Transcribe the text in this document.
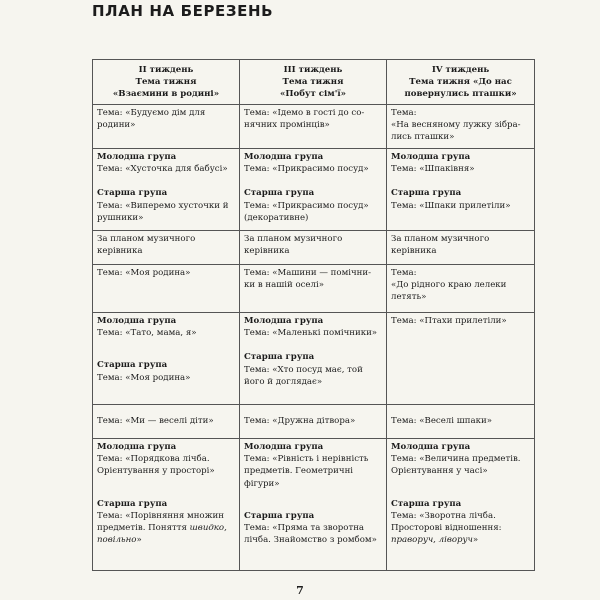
ПЛАН НА БЕРЕЗЕНЬ
ІІ тиждень
Тема тижня
«Взаємини в родині»	ІІІ тиждень
Тема тижня
«Побут сім'ї»	IV тиждень
Тема тижня «До нас
повернулись пташки»

Тема: «Будуємо дім для родини»	Тема: «Ідемо в гості до со-нячних промінців»	Тема:
«На весняному лужку зібра-лись пташки»

Молодша група
Тема: «Хусточка для бабусі»
Старша група
Тема: «Виперемо хусточки й рушники»	Молодша група
Тема: «Прикрасимо посуд»
Старша група
Тема: «Прикрасимо посуд» (декоративне)	Молодша група
Тема: «Шпаківня»
Старша група
Тема: «Шпаки прилетіли»

За планом музичного керівника	За планом музичного керівника	За планом музичного керівника
Тема: «Моя родина»	Тема: «Машини — помічни-ки в нашій оселі»	Тема:
«До рідного краю лелеки летять»

Молодша група
Тема: «Тато, мама, я»
Старша група
Тема: «Моя родина»	Молодша група
Тема: «Маленькі помічники»
Старша група
Тема: «Хто посуд має, той його й доглядає»	Тема: «Птахи прилетіли»
Тема: «Ми — веселі діти»	Тема: «Дружна дітвора»	Тема: «Веселі шпаки»

Молодша група
Тема: «Порядкова лічба. Орієнтування у просторі»
Старша група
Тема: «Порівняння множин предметів. Поняття швидко, повільно»	Молодша група
Тема: «Рівність і нерівність предметів. Геометричні фігури»
Старша група
Тема: «Пряма та зворотна лічба. Знайомство з ромбом»	Молодша група
Тема: «Величина предметів. Орієнтування у часі»
Старша група
Тема: «Зворотна лічба. Просторові відношення: праворуч, ліворуч»
7
